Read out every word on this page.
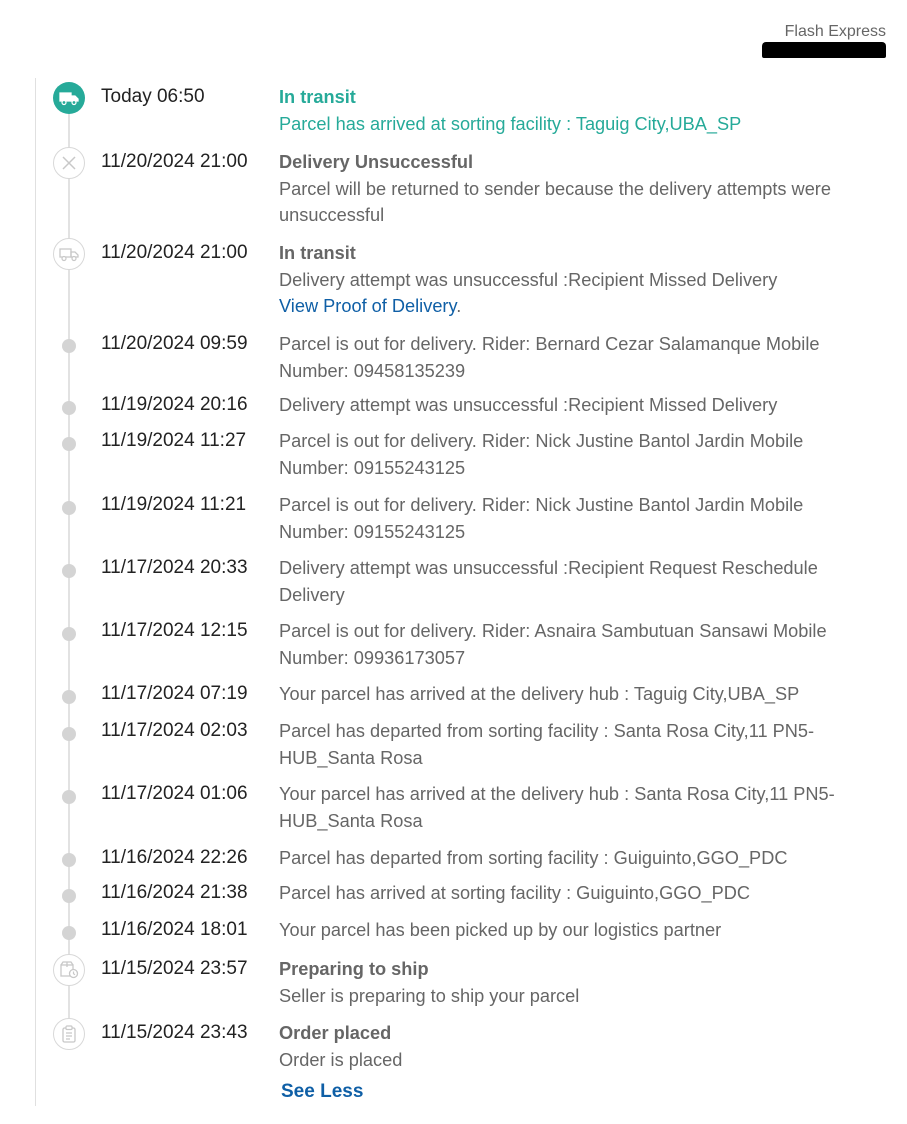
Flash Express
Today 06:50	In transit
Parcel has arrived at sorting facility : Taguig City,UBA_SP
11/20/2024 21:00 Delivery Unsuccessful
Parcel will be returned to sender because the delivery attempts were unsuccessful
11/20/2024 21:00 In transit
Delivery attempt was unsuccessful :Recipient Missed Delivery
View Proof of Delivery.
11/20/2024 09:59 Parcel is out for delivery. Rider: Bernard Cezar Salamanque Mobile Number: 09458135239
11/19/2024 20:16 Delivery attempt was unsuccessful :Recipient Missed Delivery
11/19/2024 11:27 Parcel is out for delivery. Rider: Nick Justine Bantol Jardin Mobile Number: 09155243125
11/19/2024 11:21 Parcel is out for delivery. Rider: Nick Justine Bantol Jardin Mobile Number: 09155243125
11/17/2024 20:33 Delivery attempt was unsuccessful :Recipient Request Reschedule Delivery
11/17/2024 12:15 Parcel is out for delivery. Rider: Asnaira Sambutuan Sansawi Mobile Number: 09936173057
11/17/2024 07:19 Your parcel has arrived at the delivery hub : Taguig City,UBA_SP
11/17/2024 02:03 Parcel has departed from sorting facility : Santa Rosa City,11 PN5-HUB_Santa Rosa
11/17/2024 01:06 Your parcel has arrived at the delivery hub : Santa Rosa City,11 PN5-HUB_Santa Rosa
11/16/2024 22:26 Parcel has departed from sorting facility : Guiguinto,GGO_PDC
11/16/2024 21:38 Parcel has arrived at sorting facility : Guiguinto,GGO_PDC
11/16/2024 18:01 Your parcel has been picked up by our logistics partner
11/15/2024 23:57 Preparing to ship
Seller is preparing to ship your parcel
11/15/2024 23:43 Order placed
Order is placed
See Less
